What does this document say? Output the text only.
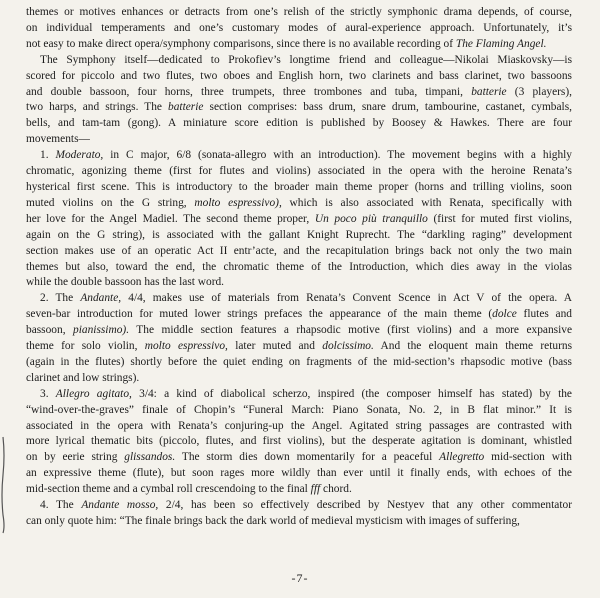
themes or motives enhances or detracts from one’s relish of the strictly symphonic drama depends, of course,
on individual temperaments and one’s customary modes of aural-experience approach. Unfortunately, it’s
not easy to make direct opera/symphony comparisons, since there is no available recording of The Flaming Angel.
The Symphony itself—dedicated to Prokofiev’s longtime friend and colleague—Nikolai Miaskovsky—is
scored for piccolo and two flutes, two oboes and English horn, two clarinets and bass clarinet, two bassoons
and double bassoon, four horns, three trumpets, three trombones and tuba, timpani, batterie (3 players),
two harps, and strings. The batterie section comprises: bass drum, snare drum, tambourine, castanet, cymbals,
bells, and tam-tam (gong). A miniature score edition is published by Boosey & Hawkes. There are four
movements—
1. Moderato, in C major, 6/8 (sonata-allegro with an introduction). The movement begins with a highly
chromatic, agonizing theme (first for flutes and violins) associated in the opera with the heroine Renata’s
hysterical first scene. This is introductory to the broader main theme proper (horns and trilling violins, soon
muted violins on the G string, molto espressivo), which is also associated with Renata, specifically with
her love for the Angel Madiel. The second theme proper, Un poco più tranquillo (first for muted first violins,
again on the G string), is associated with the gallant Knight Ruprecht. The “darkling raging” development
section makes use of an operatic Act II entr’acte, and the recapitulation brings back not only the two main
themes but also, toward the end, the chromatic theme of the Introduction, which dies away in the violas
while the double bassoon has the last word.
2. The Andante, 4/4, makes use of materials from Renata’s Convent Scence in Act V of the opera. A
seven-bar introduction for muted lower strings prefaces the appearance of the main theme (dolce flutes and
bassoon, pianissimo). The middle section features a rhapsodic motive (first violins) and a more expansive
theme for solo violin, molto espressivo, later muted and dolcissimo. And the eloquent main theme returns
(again in the flutes) shortly before the quiet ending on fragments of the mid-section’s rhapsodic motive (bass
clarinet and low strings).
3. Allegro agitato, 3/4: a kind of diabolical scherzo, inspired (the composer himself has stated) by the
“wind-over-the-graves” finale of Chopin’s “Funeral March: Piano Sonata, No. 2, in B flat minor.” It is
associated in the opera with Renata’s conjuring-up the Angel. Agitated string passages are contrasted with
more lyrical thematic bits (piccolo, flutes, and first violins), but the desperate agitation is dominant, whistled
on by eerie string glissandos. The storm dies down momentarily for a peaceful Allegretto mid-section with
an expressive theme (flute), but soon rages more wildly than ever until it finally ends, with echoes of the
mid-section theme and a cymbal roll crescendoing to the final fff chord.
4. The Andante mosso, 2/4, has been so effectively described by Nestyev that any other commentator
can only quote him: “The finale brings back the dark world of medieval mysticism with images of suffering,
-7-
